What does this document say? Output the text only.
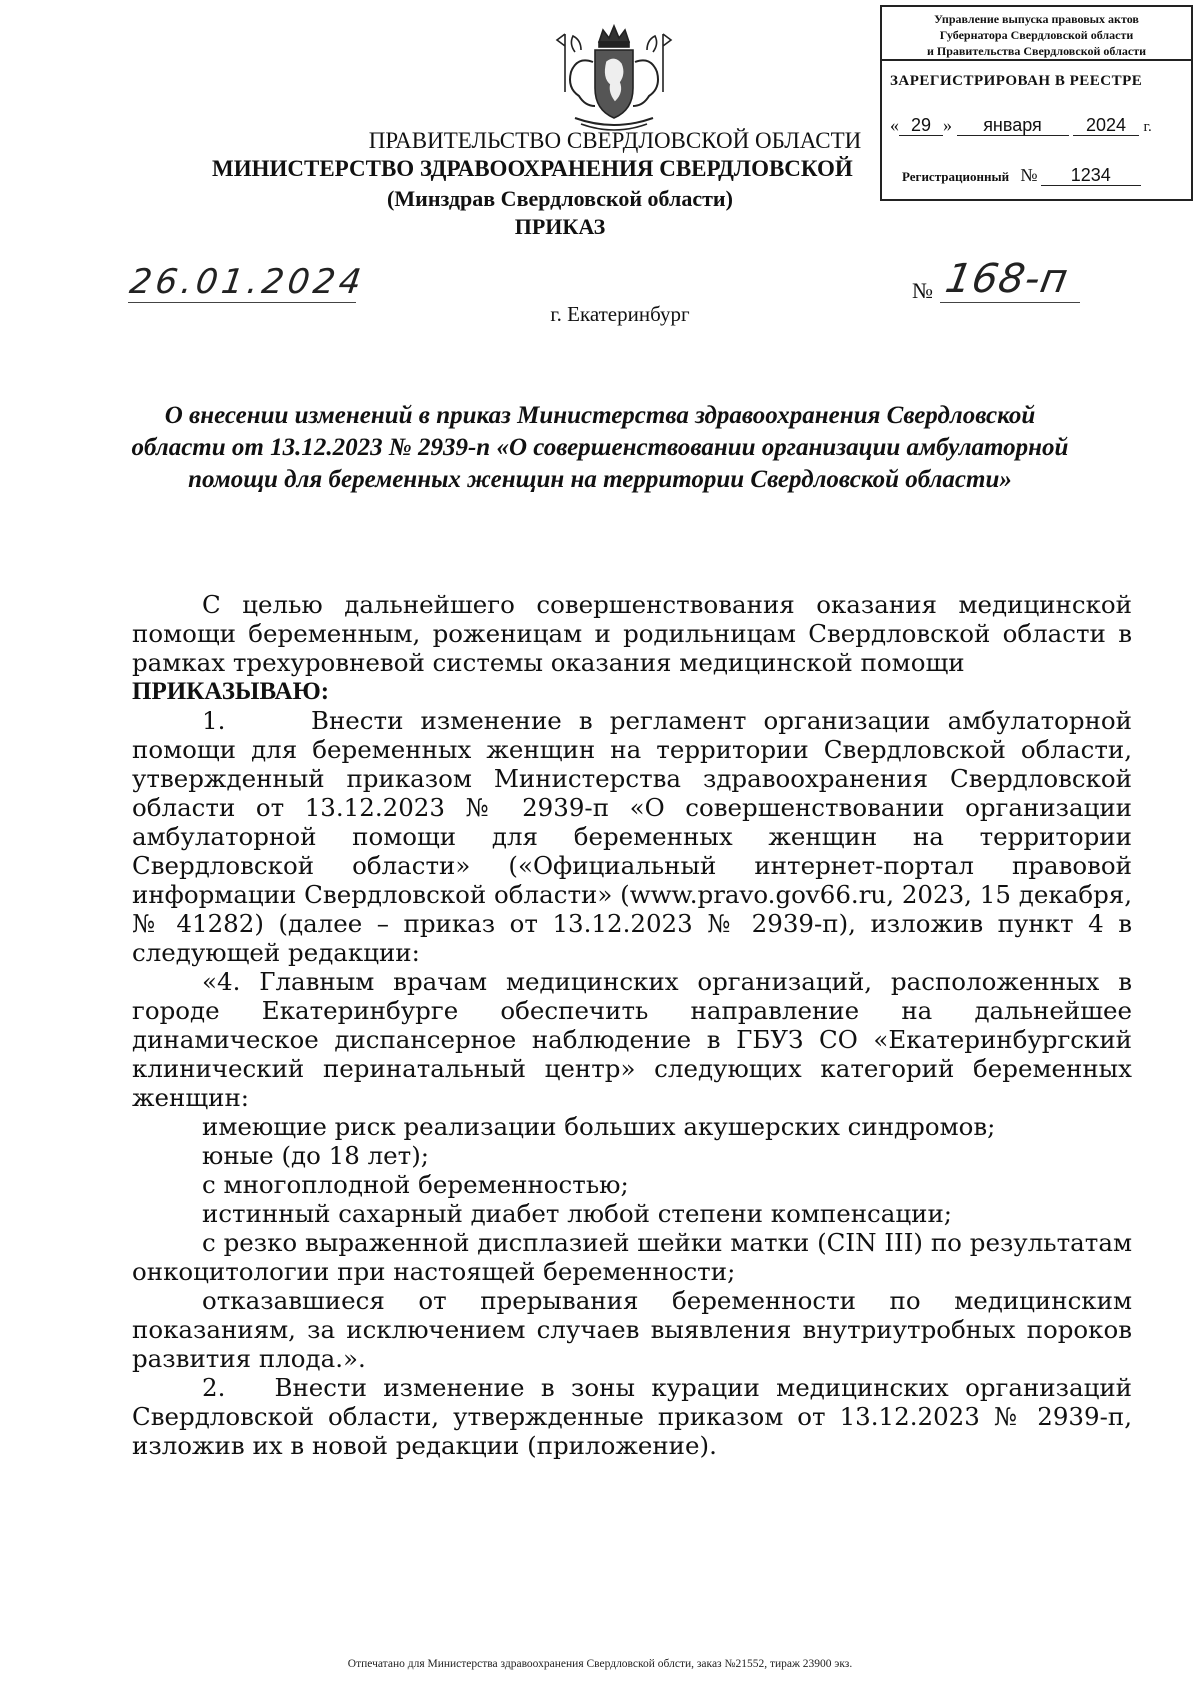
Управление выпуска правовых актов
Губернатора Свердловской области
и Правительства Свердловской области
ЗАРЕГИСТРИРОВАН В РЕЕСТРЕ
« 29 » января 2024 г.
Регистрационный № 1234
ПРАВИТЕЛЬСТВО СВЕРДЛОВСКОЙ ОБЛАСТИ
МИНИСТЕРСТВО ЗДРАВООХРАНЕНИЯ СВЕРДЛОВСКОЙ
(Минздрав Свердловской области)
ПРИКАЗ
26.01.2024	№ 168-п
г. Екатеринбург
О внесении изменений в приказ Министерства здравоохранения Свердловской области от 13.12.2023 № 2939-п «О совершенствовании организации амбулаторной помощи для беременных женщин на территории Свердловской области»

С целью дальнейшего совершенствования оказания медицинской помощи беременным, роженицам и родильницам Свердловской области в рамках трехуровневой системы оказания медицинской помощи

ПРИКАЗЫВАЮ:

1.     Внести изменение в регламент организации амбулаторной помощи для беременных женщин на территории Свердловской области, утвержденный приказом Министерства здравоохранения Свердловской области от 13.12.2023 № 2939-п «О совершенствовании организации амбулаторной помощи для беременных женщин на территории Свердловской области» («Официальный интернет-портал правовой информации Свердловской области» (www.pravo.gov66.ru, 2023, 15 декабря, № 41282) (далее – приказ от 13.12.2023 № 2939-п), изложив пункт 4 в следующей редакции:

«4. Главным врачам медицинских организаций, расположенных в городе Екатеринбурге обеспечить направление на дальнейшее динамическое диспансерное наблюдение в ГБУЗ СО «Екатеринбургский клинический перинатальный центр» следующих категорий беременных женщин:

имеющие риск реализации больших акушерских синдромов;

юные (до 18 лет);

с многоплодной беременностью;

истинный сахарный диабет любой степени компенсации;

с резко выраженной дисплазией шейки матки (CIN III) по результатам онкоцитологии при настоящей беременности;

отказавшиеся от прерывания беременности по медицинским показаниям, за исключением случаев выявления внутриутробных пороков развития плода.».

2.   Внести изменение в зоны курации медицинских организаций Свердловской области, утвержденные приказом от 13.12.2023 № 2939-п, изложив их в новой редакции (приложение).

Отпечатано для Министерства здравоохранения Свердловской облсти, заказ №21552, тираж 23900 экз.
